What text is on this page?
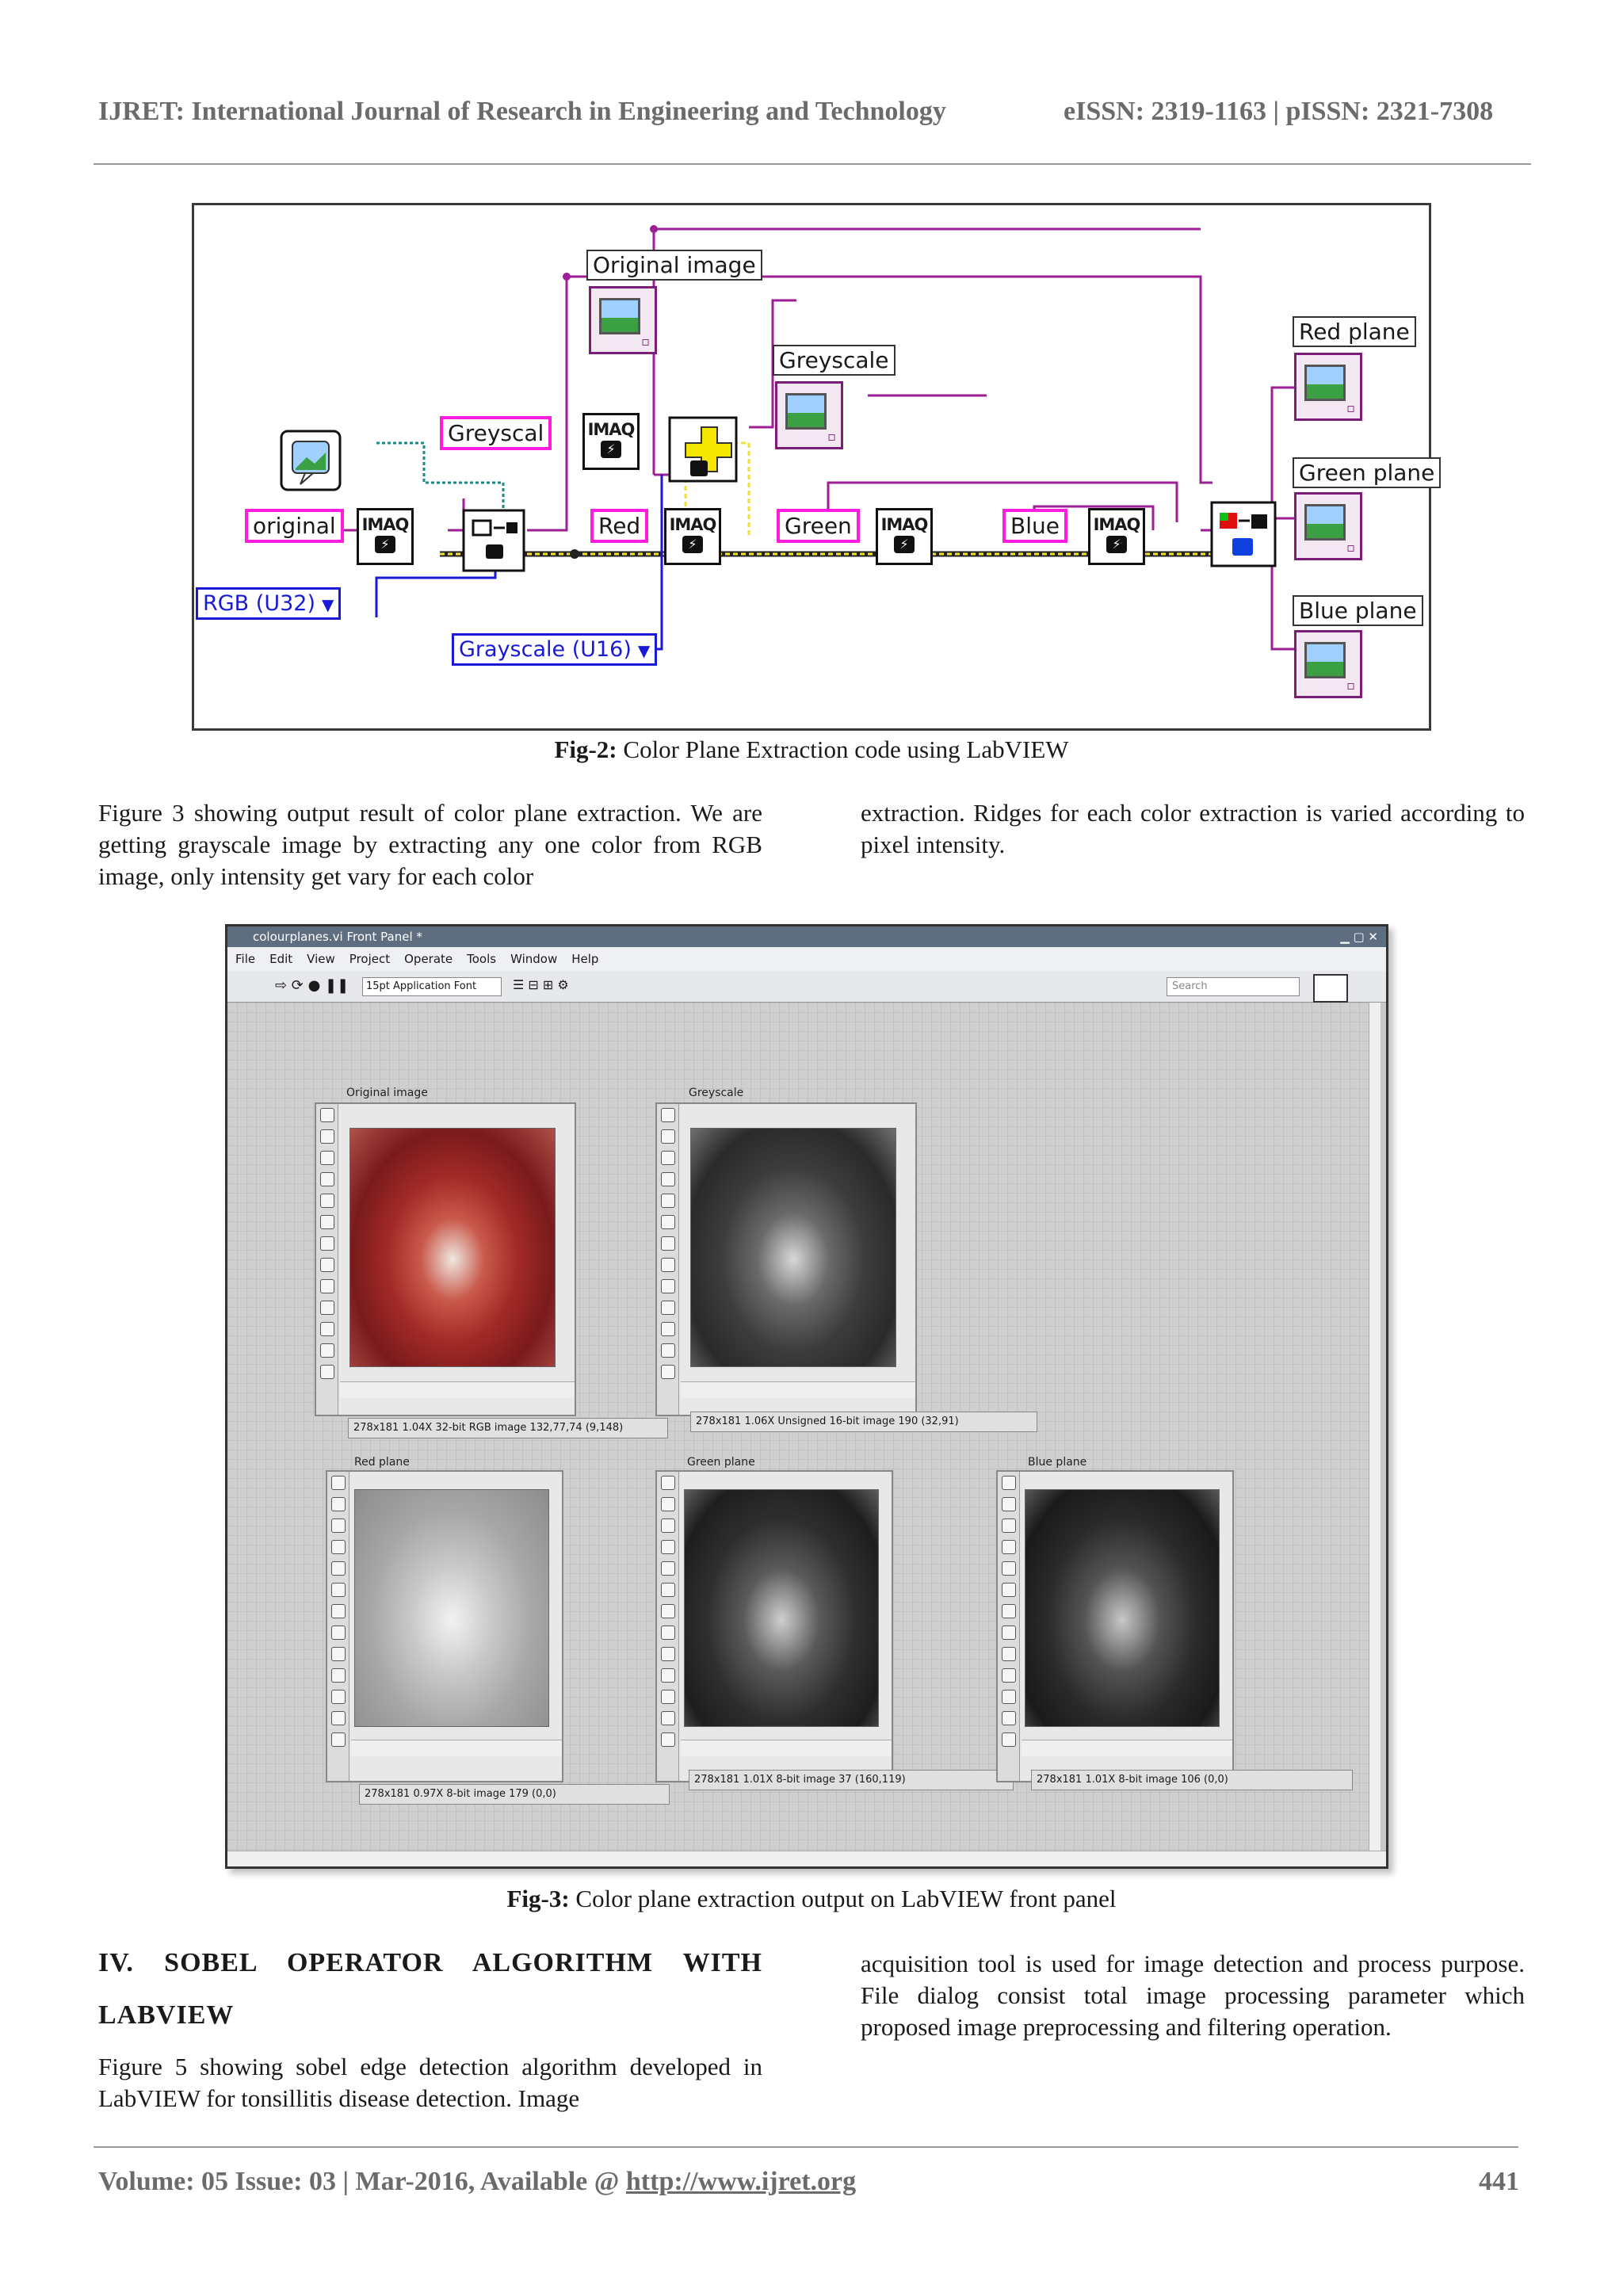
IJRET: International Journal of Research in Engineering and Technology	eISSN: 2319-1163 | pISSN: 2321-7308
Original image
Greyscale
Greyscal
original	Red	Green	Blue
Red plane
Green plane
Blue plane
RGB (U32) ▼
Grayscale (U16) ▼
IMAQ
⚡
IMAQ
⚡
IMAQ
⚡
IMAQ
⚡
IMAQ
⚡
▫
▫
▫
▫
▫
Fig-2: Color Plane Extraction code using LabVIEW
Figure 3 showing output result of color plane extraction. We are getting grayscale image by extracting any one color from RGB image, only intensity get vary for each color
extraction. Ridges for each color extraction is varied according to pixel intensity.
colourplanes.vi Front Panel *	▁ ▢ ✕
File Edit View Project Operate Tools Window Help
⇨ ⟳ ● ❚❚	15pt Application Font	☰ ⊟ ⊞ ⚙	Search
Original image
278x181 1.04X 32-bit RGB image 132,77,74 (9,148)
Greyscale
278x181 1.06X Unsigned 16-bit image 190 (32,91)
Red plane
278x181 0.97X 8-bit image 179 (0,0)
Green plane
278x181 1.01X 8-bit image 37 (160,119)
Blue plane
278x181 1.01X 8-bit image 106 (0,0)
Fig-3: Color plane extraction output on LabVIEW front panel
IV. SOBEL OPERATOR ALGORITHM WITH
LABVIEW
Figure 5 showing sobel edge detection algorithm developed in LabVIEW for tonsillitis disease detection. Image
acquisition tool is used for image detection and process purpose. File dialog consist total image processing parameter which proposed image preprocessing and filtering operation.
Volume: 05 Issue: 03 | Mar-2016, Available @ http://www.ijret.org	441
